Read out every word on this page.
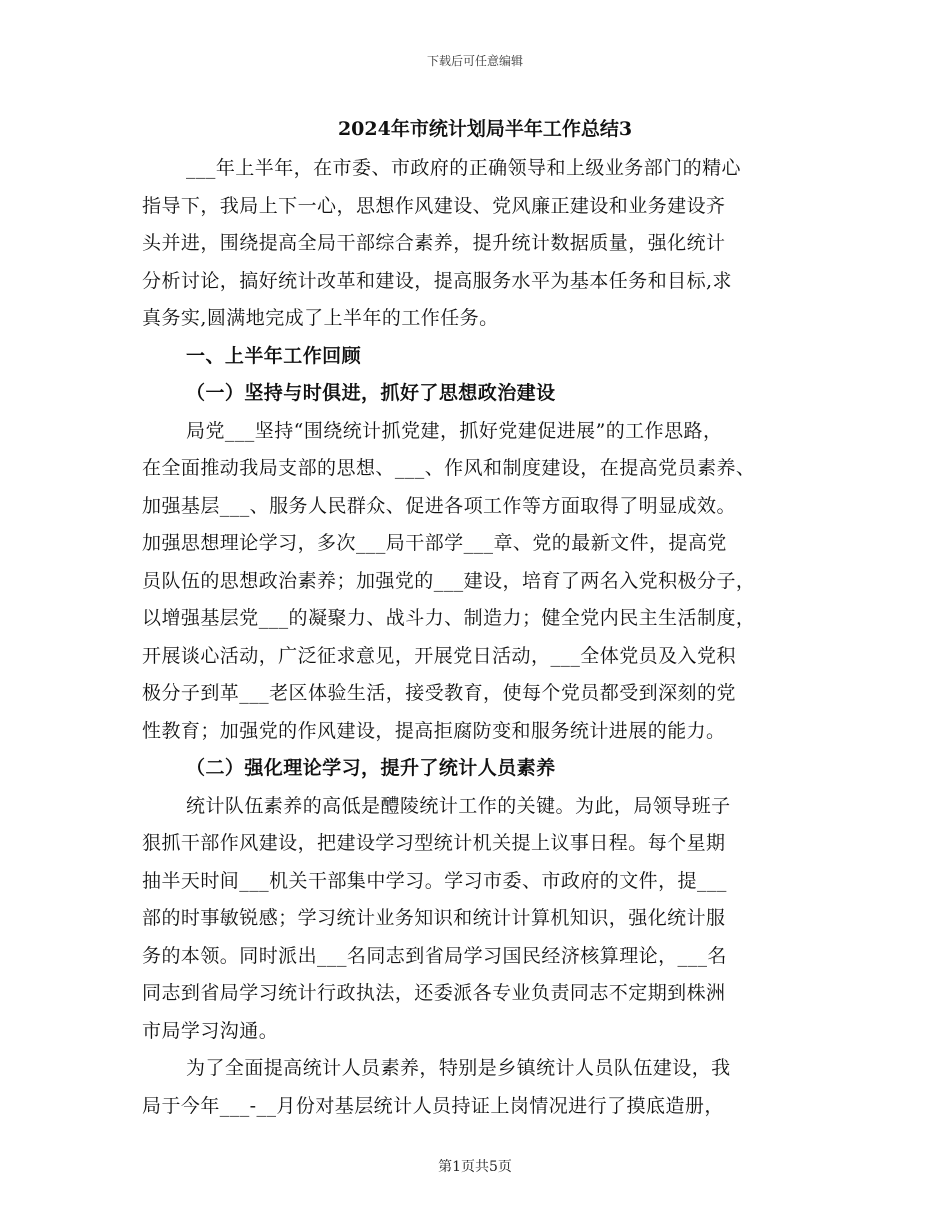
下载后可任意编辑
2024年市统计划局半年工作总结3
___年上半年，在市委、市政府的正确领导和上级业务部门的精心
指导下，我局上下一心，思想作风建设、党风廉正建设和业务建设齐
头并进，围绕提高全局干部综合素养，提升统计数据质量，强化统计
分析讨论，搞好统计改革和建设，提高服务水平为基本任务和目标,求
真务实,圆满地完成了上半年的工作任务。
一、上半年工作回顾
（一）坚持与时俱进，抓好了思想政治建设
局党___坚持“围绕统计抓党建，抓好党建促进展”的工作思路，
在全面推动我局支部的思想、___、作风和制度建设，在提高党员素养、
加强基层___、服务人民群众、促进各项工作等方面取得了明显成效。
加强思想理论学习，多次___局干部学___章、党的最新文件，提高党
员队伍的思想政治素养；加强党的___建设，培育了两名入党积极分子，
以增强基层党___的凝聚力、战斗力、制造力；健全党内民主生活制度，
开展谈心活动，广泛征求意见，开展党日活动，___全体党员及入党积
极分子到革___老区体验生活，接受教育，使每个党员都受到深刻的党
性教育；加强党的作风建设，提高拒腐防变和服务统计进展的能力。
（二）强化理论学习，提升了统计人员素养
统计队伍素养的高低是醴陵统计工作的关键。为此，局领导班子
狠抓干部作风建设，把建设学习型统计机关提上议事日程。每个星期
抽半天时间___机关干部集中学习。学习市委、市政府的文件，提___
部的时事敏锐感；学习统计业务知识和统计计算机知识，强化统计服
务的本领。同时派出___名同志到省局学习国民经济核算理论，___名
同志到省局学习统计行政执法，还委派各专业负责同志不定期到株洲
市局学习沟通。
为了全面提高统计人员素养，特别是乡镇统计人员队伍建设，我
局于今年___-__月份对基层统计人员持证上岗情况进行了摸底造册，
第1页共5页
